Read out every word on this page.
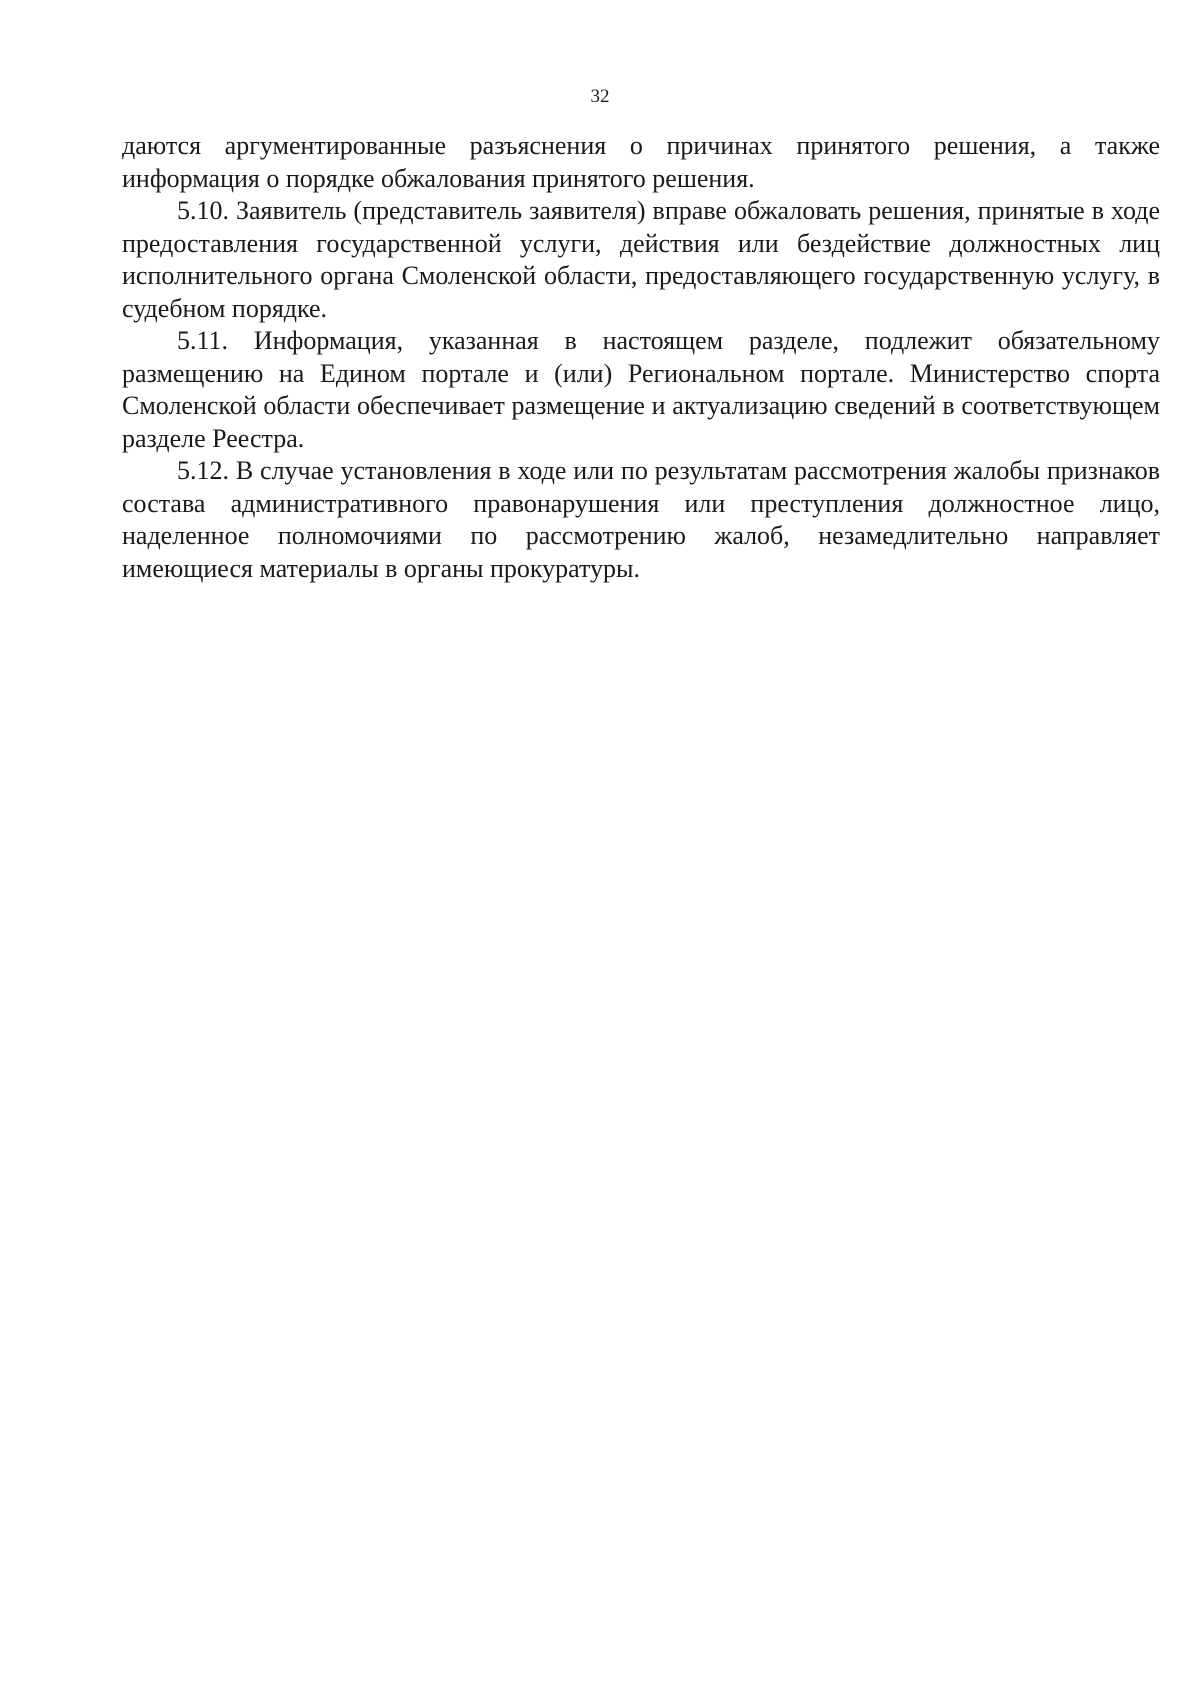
32

даются аргументированные разъяснения о причинах принятого решения, а также информация о порядке обжалования принятого решения.

5.10. Заявитель (представитель заявителя) вправе обжаловать решения, принятые в ходе предоставления государственной услуги, действия или бездействие должностных лиц исполнительного органа Смоленской области, предоставляющего государственную услугу, в судебном порядке.

5.11. Информация, указанная в настоящем разделе, подлежит обязательному размещению на Едином портале и (или) Региональном портале. Министерство спорта Смоленской области обеспечивает размещение и актуализацию сведений в соответствующем разделе Реестра.

5.12. В случае установления в ходе или по результатам рассмотрения жалобы признаков состава административного правонарушения или преступления должностное лицо, наделенное полномочиями по рассмотрению жалоб, незамедлительно направляет имеющиеся материалы в органы прокуратуры.
